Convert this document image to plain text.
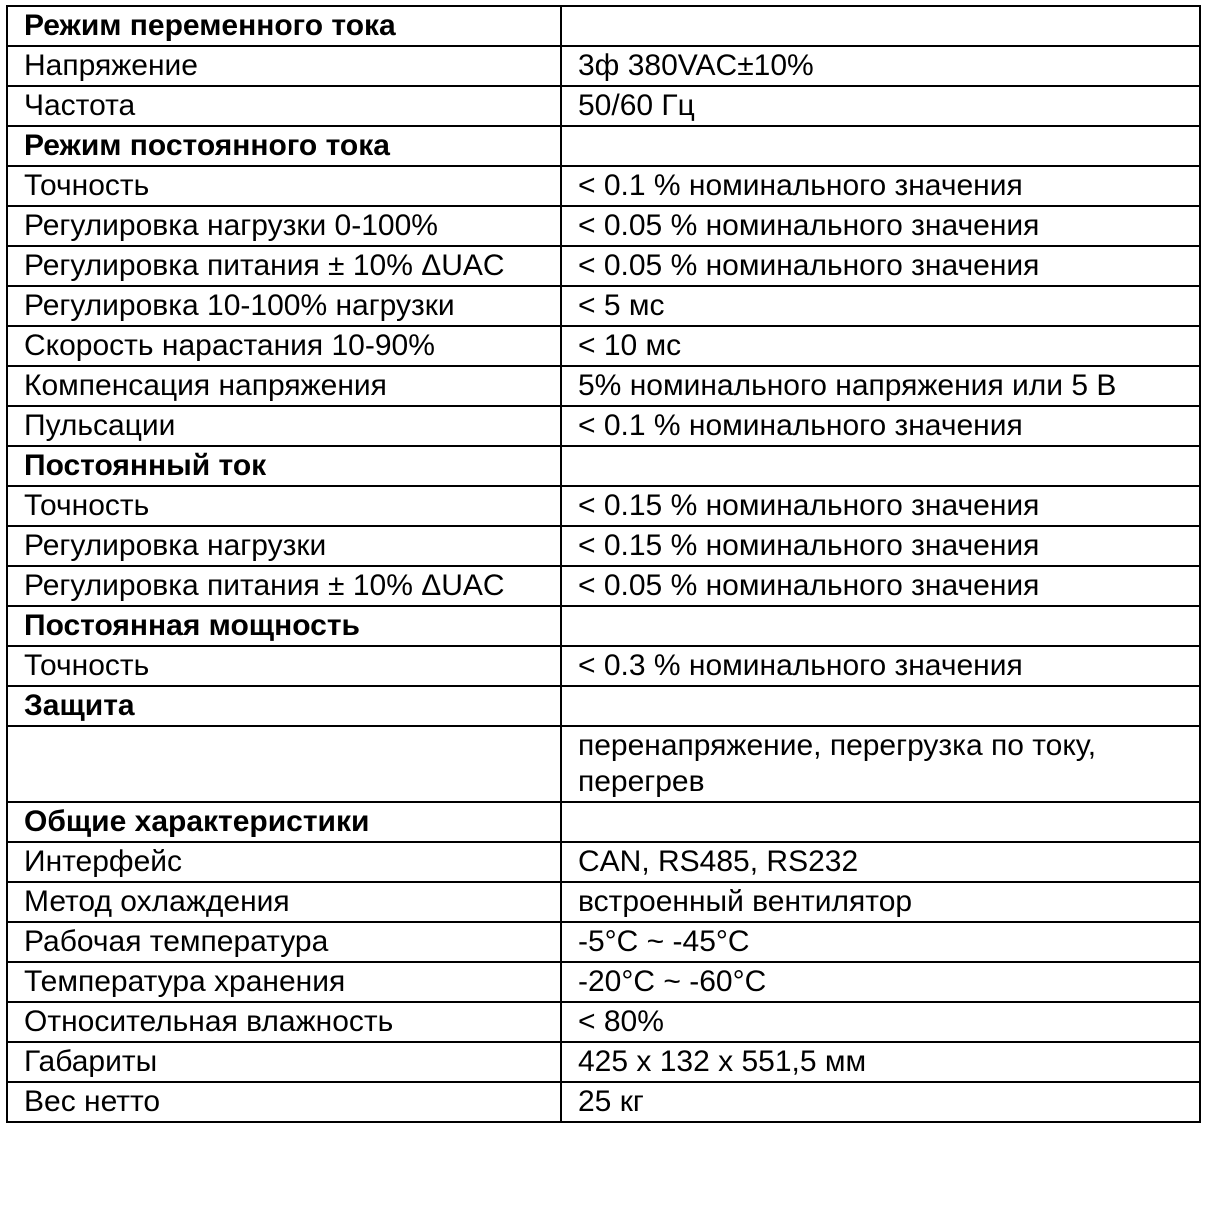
Режим переменного тока	
Напряжение	3ф 380VAC±10%
Частота	50/60 Гц
Режим постоянного тока	
Точность	< 0.1 % номинального значения
Регулировка нагрузки 0-100%	< 0.05 % номинального значения
Регулировка питания ± 10% ΔUAC	< 0.05 % номинального значения
Регулировка 10-100% нагрузки	< 5 мс
Скорость нарастания 10-90%	< 10 мс
Компенсация напряжения	5% номинального напряжения или 5 В
Пульсации	< 0.1 % номинального значения
Постоянный ток	
Точность	< 0.15 % номинального значения
Регулировка нагрузки	< 0.15 % номинального значения
Регулировка питания ± 10% ΔUAC	< 0.05 % номинального значения
Постоянная мощность	
Точность	< 0.3 % номинального значения
Защита	
	перенапряжение, перегрузка по току, перегрев
Общие характеристики	
Интерфейс	CAN, RS485, RS232
Метод охлаждения	встроенный вентилятор
Рабочая температура	-5°C ~ -45°C
Температура хранения	-20°C ~ -60°C
Относительная влажность	< 80%
Габариты	425 x 132 x 551,5 мм
Вес нетто	25 кг
